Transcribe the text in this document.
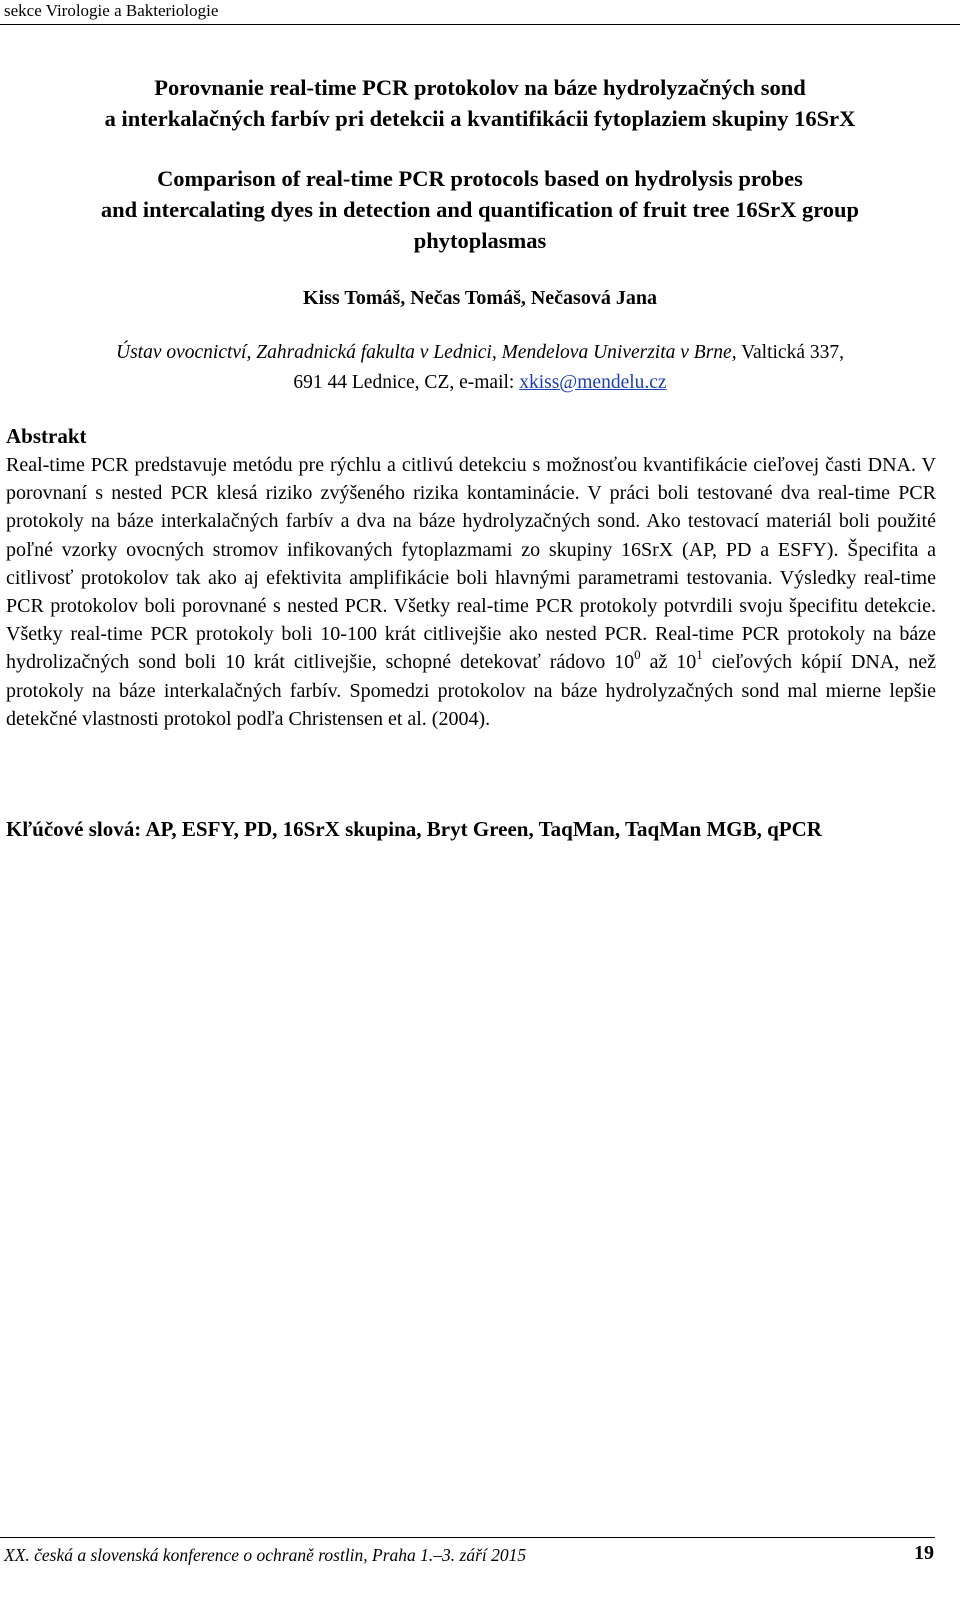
sekce Virologie a Bakteriologie
Porovnanie real-time PCR protokolov na báze hydrolyzačných sond
a interkalačných farbív pri detekcii a kvantifikácii fytoplaziem skupiny 16SrX
Comparison of real-time PCR protocols based on hydrolysis probes
and intercalating dyes in detection and quantification of fruit tree 16SrX group
phytoplasmas
Kiss Tomáš, Nečas Tomáš, Nečasová Jana
Ústav ovocnictví, Zahradnická fakulta v Lednici, Mendelova Univerzita v Brne, Valtická 337,
691 44 Lednice, CZ, e-mail: xkiss@mendelu.cz
Abstrakt
Real-time PCR predstavuje metódu pre rýchlu a citlivú detekciu s možnosťou kvantifikácie cieľovej časti DNA. V porovnaní s nested PCR klesá riziko zvýšeného rizika kontaminácie. V práci boli testované dva real-time PCR protokoly na báze interkalačných farbív a dva na báze hydrolyzačných sond. Ako testovací materiál boli použité poľné vzorky ovocných stromov infikovaných fytoplazmami zo skupiny 16SrX (AP, PD a ESFY). Špecifita a citlivosť protokolov tak ako aj efektivita amplifikácie boli hlavnými parametrami testovania. Výsledky real-time PCR protokolov boli porovnané s nested PCR. Všetky real-time PCR protokoly potvrdili svoju špecifitu detekcie. Všetky real-time PCR protokoly boli 10-100 krát citlivejšie ako nested PCR. Real-time PCR protokoly na báze hydrolizačných sond boli 10 krát citlivejšie, schopné detekovať rádovo $10^0$ až $10^1$ cieľových kópií DNA, než protokoly na báze interkalačných farbív. Spomedzi protokolov na báze hydrolyzačných sond mal mierne lepšie detekčné vlastnosti protokol podľa Christensen et al. (2004).
Kľúčové slová: AP, ESFY, PD, 16SrX skupina, Bryt Green, TaqMan, TaqMan MGB, qPCR
XX. česká a slovenská konference o ochraně rostlin, Praha 1.–3. září 2015	19
